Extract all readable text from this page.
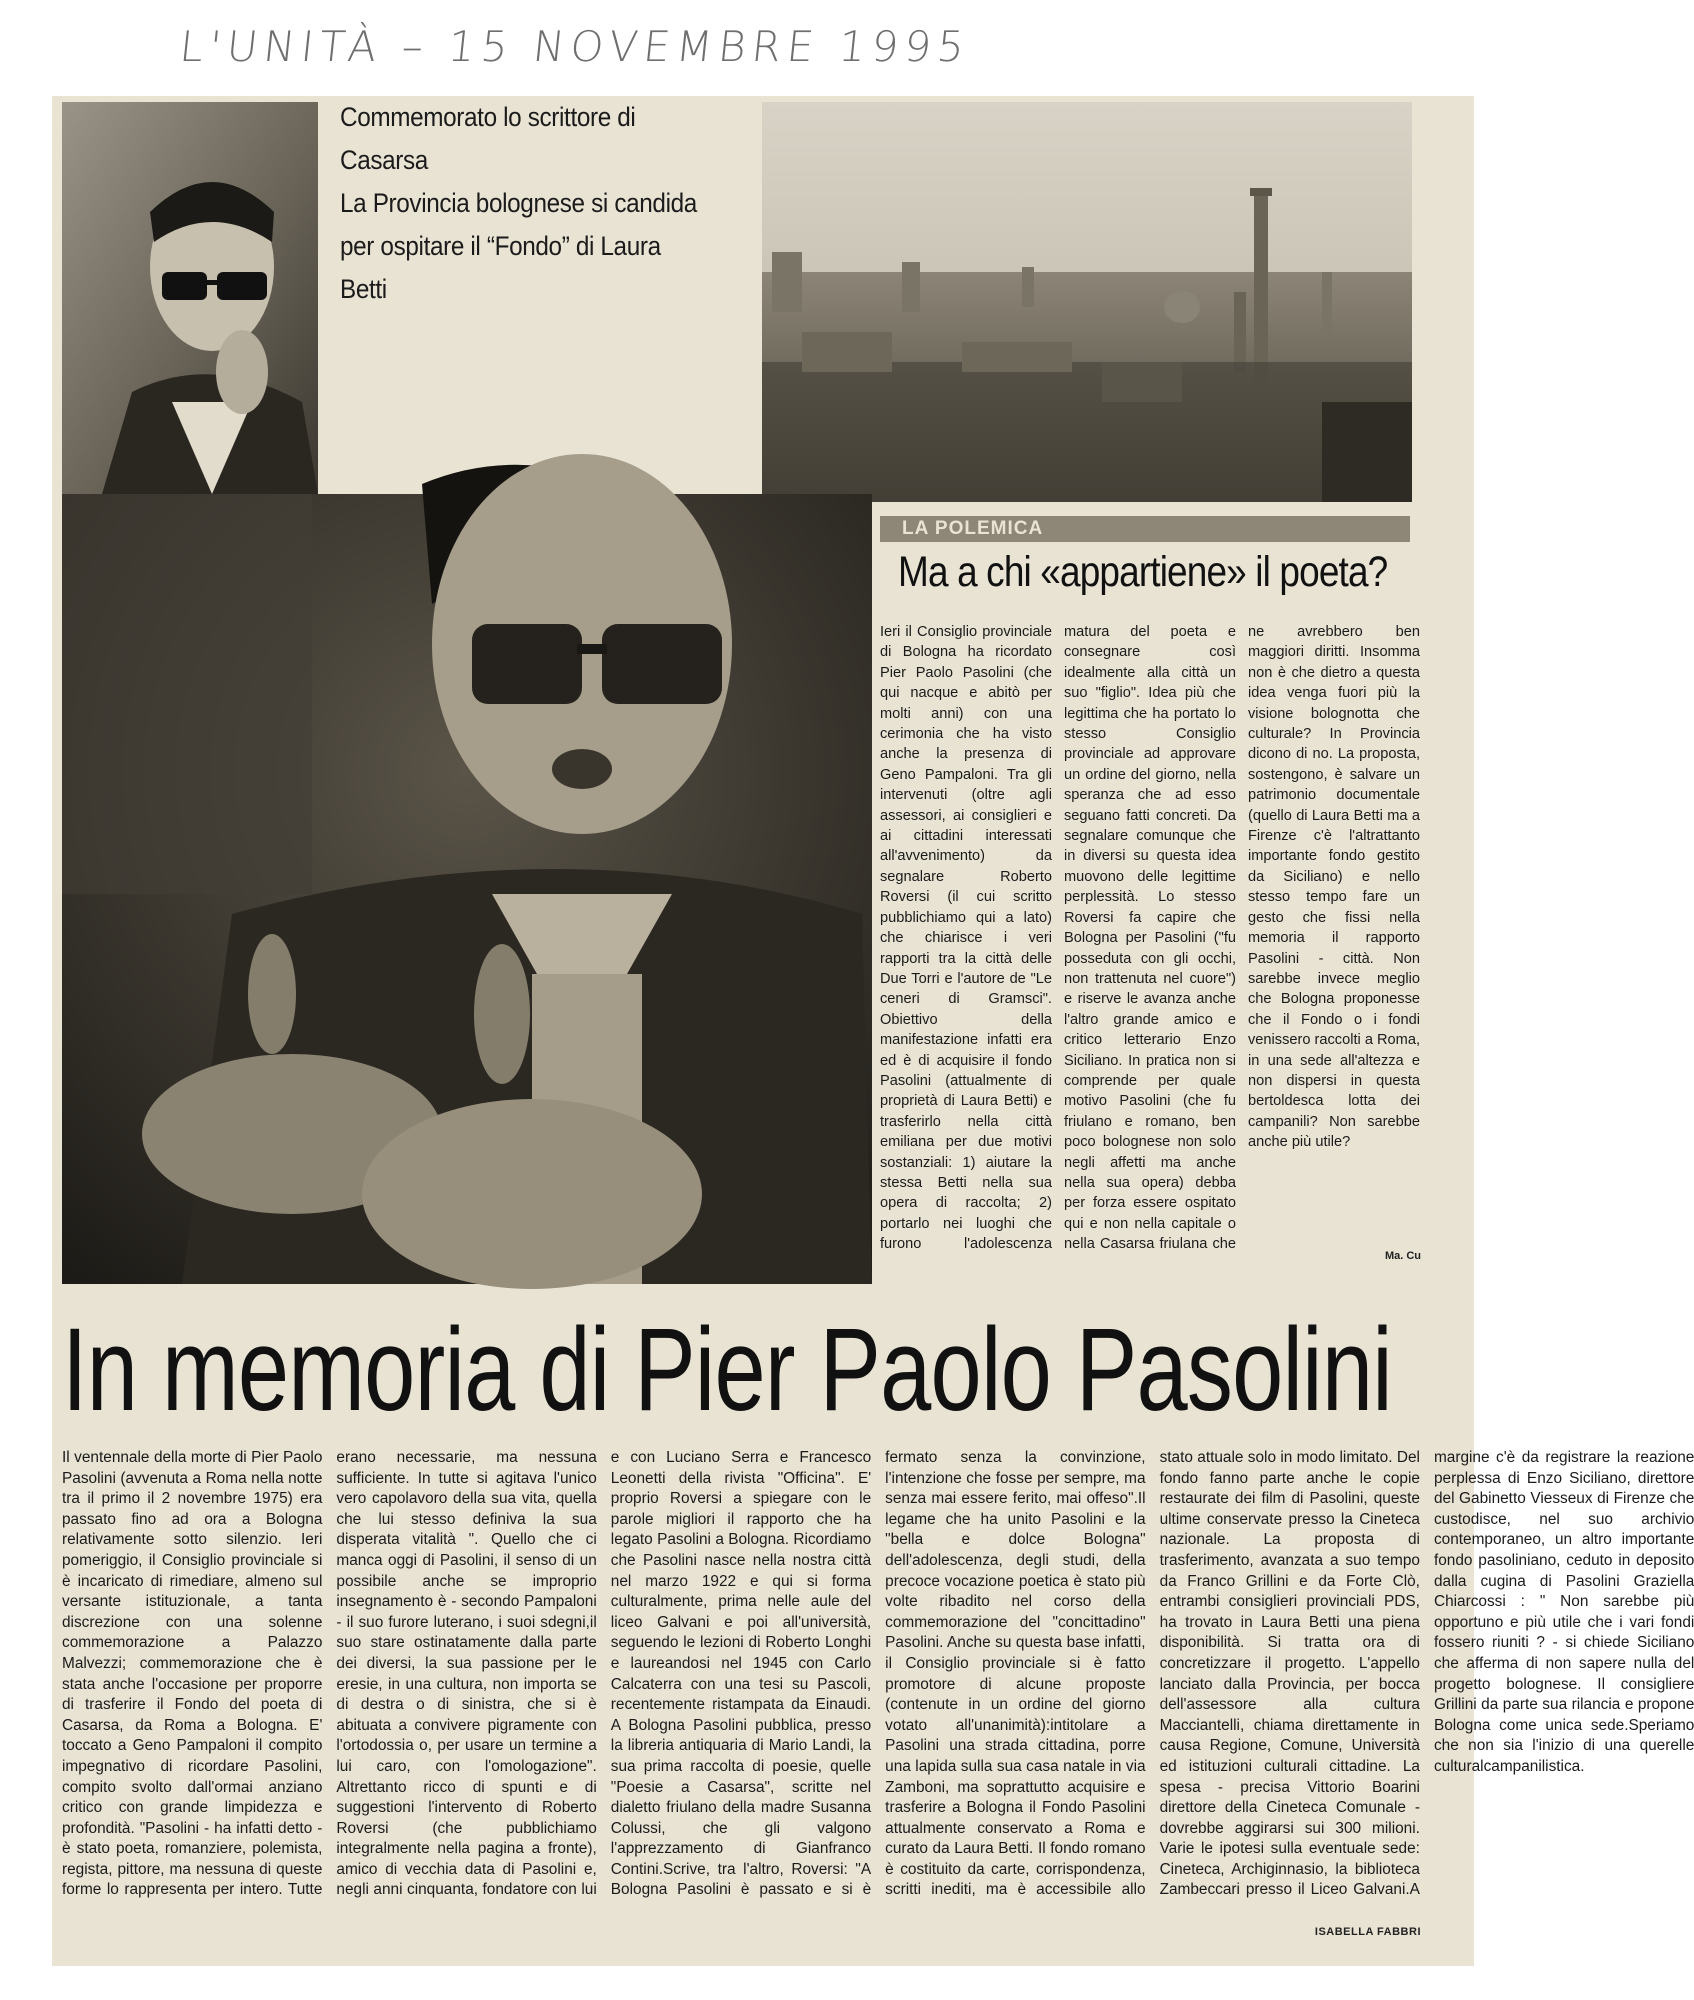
L'UNITÀ – 15 NOVEMBRE 1995
Commemorato lo scrittore di Casarsa
La Provincia bolognese si candida
per ospitare il “Fondo” di Laura Betti
LA POLEMICA
Ma a chi «appartiene» il poeta?
Ieri il Consiglio provinciale di Bologna ha ricordato Pier Paolo Pasolini (che qui nacque e abitò per molti anni) con una cerimonia che ha visto anche la presenza di Geno Pampaloni. Tra gli intervenuti (oltre agli assessori, ai consiglieri e ai cittadini interessati all'avvenimento) da segnalare Roberto Roversi (il cui scritto pubblichiamo qui a lato) che chiarisce i veri rapporti tra la città delle Due Torri e l'autore de "Le ceneri di Gramsci". Obiettivo della manifestazione infatti era ed è di acquisire il fondo Pasolini (attualmente di proprietà di Laura Betti) e trasferirlo nella città emiliana per due motivi sostanziali: 1) aiutare la stessa Betti nella sua opera di raccolta; 2) portarlo nei luoghi che furono l'adolescenza matura del poeta e consegnare così idealmente alla città un suo "figlio". Idea più che legittima che ha portato lo stesso Consiglio provinciale ad approvare un ordine del giorno, nella speranza che ad esso seguano fatti concreti. Da segnalare comunque che in diversi su questa idea muovono delle legittime perplessità. Lo stesso Roversi fa capire che Bologna per Pasolini ("fu posseduta con gli occhi, non trattenuta nel cuore") e riserve le avanza anche l'altro grande amico e critico letterario Enzo Siciliano. In pratica non si comprende per quale motivo Pasolini (che fu friulano e romano, ben poco bolognese non solo negli affetti ma anche nella sua opera) debba per forza essere ospitato qui e non nella capitale o nella Casarsa friulana che ne avrebbero ben maggiori diritti. Insomma non è che dietro a questa idea venga fuori più la visione bolognotta che culturale? In Provincia dicono di no. La proposta, sostengono, è salvare un patrimonio documentale (quello di Laura Betti ma a Firenze c'è l'altrattanto importante fondo gestito da Siciliano) e nello stesso tempo fare un gesto che fissi nella memoria il rapporto Pasolini - città. Non sarebbe invece meglio che Bologna proponesse che il Fondo o i fondi venissero raccolti a Roma, in una sede all'altezza e non dispersi in questa bertoldesca lotta dei campanili? Non sarebbe anche più utile?
Ma. Cu
In memoria di Pier Paolo Pasolini
Il ventennale della morte di Pier Paolo Pasolini (avvenuta a Roma nella notte tra il primo il 2 novembre 1975) era passato fino ad ora a Bologna relativamente sotto silenzio. Ieri pomeriggio, il Consiglio provinciale si è incaricato di rimediare, almeno sul versante istituzionale, a tanta discrezione con una solenne commemorazione a Palazzo Malvezzi; commemorazione che è stata anche l'occasione per proporre di trasferire il Fondo del poeta di Casarsa, da Roma a Bologna. E' toccato a Geno Pampaloni il compito impegnativo di ricordare Pasolini, compito svolto dall'ormai anziano critico con grande limpidezza e profondità. "Pasolini - ha infatti detto - è stato poeta, romanziere, polemista, regista, pittore, ma nessuna di queste forme lo rappresenta per intero. Tutte erano necessarie, ma nessuna sufficiente. In tutte si agitava l'unico vero capolavoro della sua vita, quella che lui stesso definiva la sua disperata vitalità ". Quello che ci manca oggi di Pasolini, il senso di un possibile anche se improprio insegnamento è - secondo Pampaloni - il suo furore luterano, i suoi sdegni,il suo stare ostinatamente dalla parte dei diversi, la sua passione per le eresie, in una cultura, non importa se di destra o di sinistra, che si è abituata a convivere pigramente con l'ortodossia o, per usare un termine a lui caro, con l'omologazione". Altrettanto ricco di spunti e di suggestioni l'intervento di Roberto Roversi (che pubblichiamo integralmente nella pagina a fronte), amico di vecchia data di Pasolini e, negli anni cinquanta, fondatore con lui e con Luciano Serra e Francesco Leonetti della rivista "Officina". E' proprio Roversi a spiegare con le parole migliori il rapporto che ha legato Pasolini a Bologna. Ricordiamo che Pasolini nasce nella nostra città nel marzo 1922 e qui si forma culturalmente, prima nelle aule del liceo Galvani e poi all'università, seguendo le lezioni di Roberto Longhi e laureandosi nel 1945 con Carlo Calcaterra con una tesi su Pascoli, recentemente ristampata da Einaudi. A Bologna Pasolini pubblica, presso la libreria antiquaria di Mario Landi, la sua prima raccolta di poesie, quelle "Poesie a Casarsa", scritte nel dialetto friulano della madre Susanna Colussi, che gli valgono l'apprezzamento di Gianfranco Contini.Scrive, tra l'altro, Roversi: "A Bologna Pasolini è passato e si è fermato senza la convinzione, l'intenzione che fosse per sempre, ma senza mai essere ferito, mai offeso".Il legame che ha unito Pasolini e la "bella e dolce Bologna" dell'adolescenza, degli studi, della precoce vocazione poetica è stato più volte ribadito nel corso della commemorazione del "concittadino" Pasolini. Anche su questa base infatti, il Consiglio provinciale si è fatto promotore di alcune proposte (contenute in un ordine del giorno votato all'unanimità):intitolare a Pasolini una strada cittadina, porre una lapida sulla sua casa natale in via Zamboni, ma soprattutto acquisire e trasferire a Bologna il Fondo Pasolini attualmente conservato a Roma e curato da Laura Betti. Il fondo romano è costituito da carte, corrispondenza, scritti inediti, ma è accessibile allo stato attuale solo in modo limitato. Del fondo fanno parte anche le copie restaurate dei film di Pasolini, queste ultime conservate presso la Cineteca nazionale. La proposta di trasferimento, avanzata a suo tempo da Franco Grillini e da Forte Clò, entrambi consiglieri provinciali PDS, ha trovato in Laura Betti una piena disponibilità. Si tratta ora di concretizzare il progetto. L'appello lanciato dalla Provincia, per bocca dell'assessore alla cultura Macciantelli, chiama direttamente in causa Regione, Comune, Università ed istituzioni culturali cittadine. La spesa - precisa Vittorio Boarini direttore della Cineteca Comunale -dovrebbe aggirarsi sui 300 milioni. Varie le ipotesi sulla eventuale sede: Cineteca, Archiginnasio, la biblioteca Zambeccari presso il Liceo Galvani.A margine c'è da registrare la reazione perplessa di Enzo Siciliano, direttore del Gabinetto Viesseux di Firenze che custodisce, nel suo archivio contemporaneo, un altro importante fondo pasoliniano, ceduto in deposito dalla cugina di Pasolini Graziella Chiarcossi : " Non sarebbe più opportuno e più utile che i vari fondi fossero riuniti ? - si chiede Siciliano che afferma di non sapere nulla del progetto bolognese. Il consigliere Grillini da parte sua rilancia e propone Bologna come unica sede.Speriamo che non sia l'inizio di una querelle culturalcampanilistica.
ISABELLA FABBRI
